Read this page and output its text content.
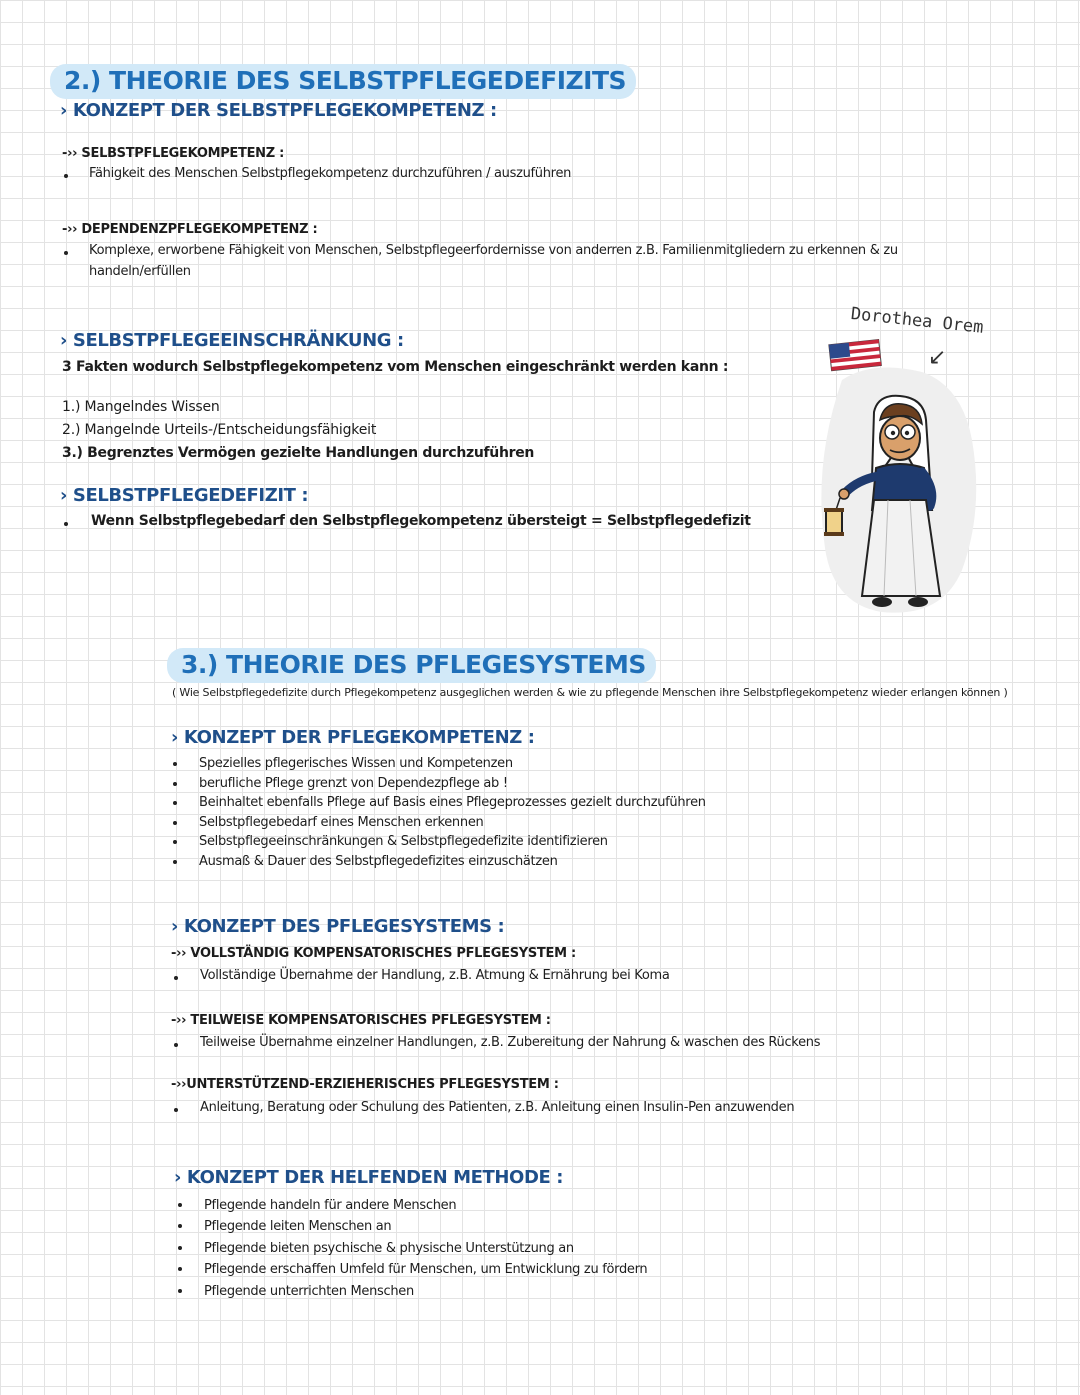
2.) THEORIE DES SELBSTPFLEGEDEFIZITS
› KONZEPT DER SELBSTPFLEGEKOMPETENZ :
-›› SELBSTPFLEGEKOMPETENZ :
Fähigkeit des Menschen Selbstpflegekompetenz durchzuführen / auszuführen
-›› DEPENDENZPFLEGEKOMPETENZ :
Komplexe, erworbene Fähigkeit von Menschen, Selbstpflegeerfordernisse von anderren z.B. Familienmitgliedern zu erkennen & zu
handeln/erfüllen
› SELBSTPFLEGEEINSCHRÄNKUNG :
3 Fakten wodurch Selbstpflegekompetenz vom Menschen eingeschränkt werden kann :
1.) Mangelndes Wissen
2.) Mangelnde Urteils-/Entscheidungsfähigkeit
3.) Begrenztes Vermögen gezielte Handlungen durchzuführen
› SELBSTPFLEGEDEFIZIT :
Wenn Selbstpflegebedarf den Selbstpflegekompetenz übersteigt = Selbstpflegedefizit
Dorothea Orem
↙
3.) THEORIE DES PFLEGESYSTEMS
( Wie Selbstpflegedefizite durch Pflegekompetenz ausgeglichen werden & wie zu pflegende Menschen ihre Selbstpflegekompetenz wieder erlangen können )
› KONZEPT DER PFLEGEKOMPETENZ :
Spezielles pflegerisches Wissen und Kompetenzen
berufliche Pflege grenzt von Dependezpflege ab !
Beinhaltet ebenfalls Pflege auf Basis eines Pflegeprozesses gezielt durchzuführen
Selbstpflegebedarf eines Menschen erkennen
Selbstpflegeeinschränkungen & Selbstpflegedefizite identifizieren
Ausmaß & Dauer des Selbstpflegedefizites einzuschätzen
› KONZEPT DES PFLEGESYSTEMS :
-›› VOLLSTÄNDIG KOMPENSATORISCHES PFLEGESYSTEM :
Vollständige Übernahme der Handlung, z.B. Atmung & Ernährung bei Koma
-›› TEILWEISE KOMPENSATORISCHES PFLEGESYSTEM :
Teilweise Übernahme einzelner Handlungen, z.B. Zubereitung der Nahrung & waschen des Rückens
-››UNTERSTÜTZEND-ERZIEHERISCHES PFLEGESYSTEM :
Anleitung, Beratung oder Schulung des Patienten, z.B. Anleitung einen Insulin-Pen anzuwenden
› KONZEPT DER HELFENDEN METHODE :
Pflegende handeln für andere Menschen
Pflegende leiten Menschen an
Pflegende bieten psychische & physische Unterstützung an
Pflegende erschaffen Umfeld für Menschen, um Entwicklung zu fördern
Pflegende unterrichten Menschen
